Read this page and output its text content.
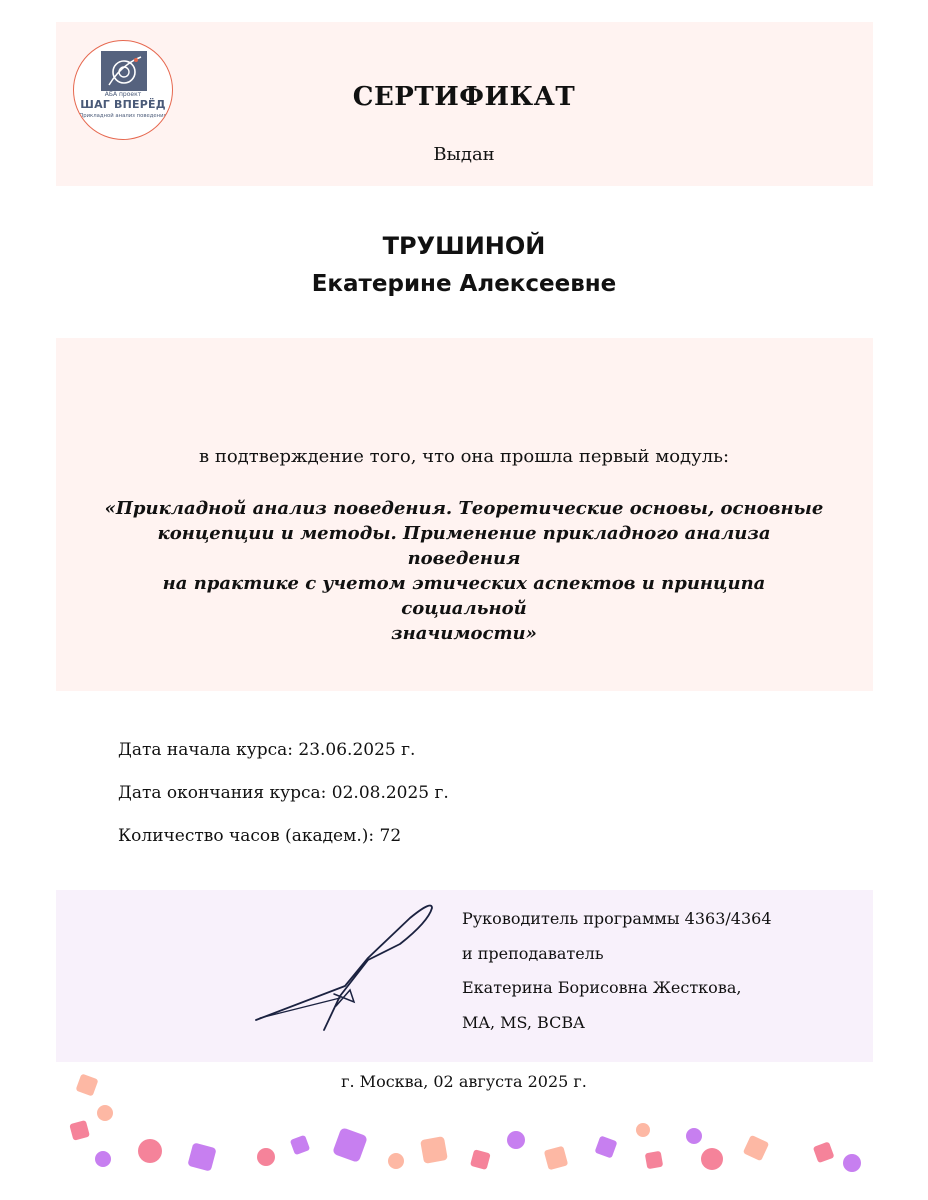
АБА проект
ШАГ ВПЕРЁД
Прикладной анализ поведения
СЕРТИФИКАТ
Выдан
ТРУШИНОЙ
Екатерине Алексеевне
в подтверждение того, что она прошла первый модуль:
«Прикладной анализ поведения. Теоретические основы, основные
концепции и методы. Применение прикладного анализа поведения
на практике с учетом этических аспектов и принципа социальной
значимости»
Дата начала курса: 23.06.2025 г.
Дата окончания курса: 02.08.2025 г.
Количество часов (академ.): 72
Руководитель программы 4363/4364
и преподаватель
Екатерина Борисовна Жесткова,
MA, MS, BCBA
г. Москва, 02 августа 2025 г.
